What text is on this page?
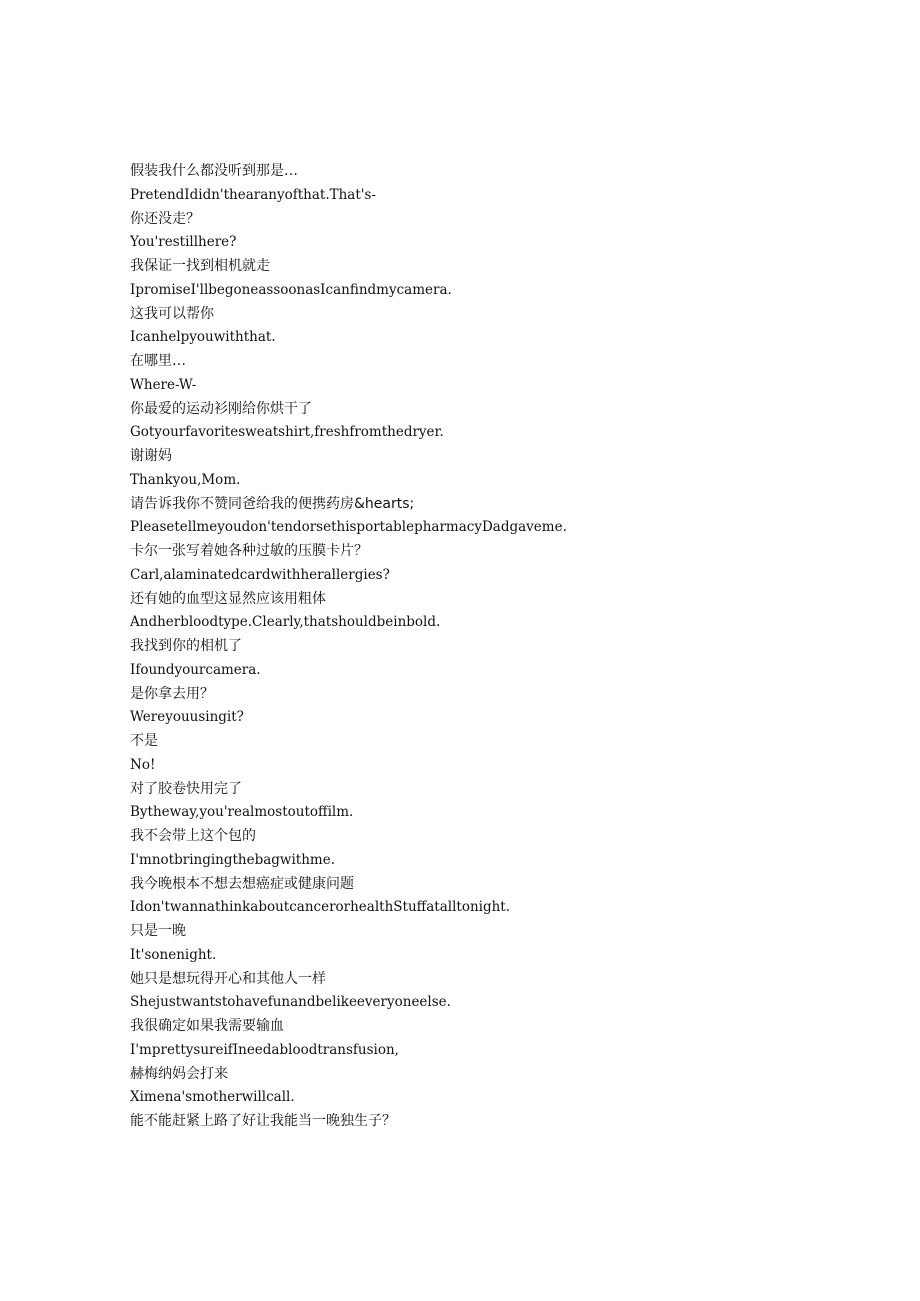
假装我什么都没听到那是…
PretendIdidn'thearanyofthat.That's-
你还没走？
You'restillhere?
我保证一找到相机就走
IpromiseI'llbegoneassoonasIcanfindmycamera.
这我可以帮你
Icanhelpyouwiththat.
在哪里…
Where-W-
你最爱的运动衫刚给你烘干了
Gotyourfavoritesweatshirt,freshfromthedryer.
谢谢妈
Thankyou,Mom.
请告诉我你不赞同爸给我的便携药房&hearts;
Pleasetellmeyoudon'tendorsethisportablepharmacyDadgaveme.
卡尔一张写着她各种过敏的压膜卡片？
Carl,alaminatedcardwithherallergies?
还有她的血型这显然应该用粗体
Andherbloodtype.Clearly,thatshouldbeinbold.
我找到你的相机了
Ifoundyourcamera.
是你拿去用？
Wereyouusingit?
不是
No!
对了胶卷快用完了
Bytheway,you'realmostoutoffilm.
我不会带上这个包的
I'mnotbringingthebagwithme.
我今晚根本不想去想癌症或健康问题
Idon'twannathinkaboutcancerorhealthStuffatalltonight.
只是一晚
It'sonenight.
她只是想玩得开心和其他人一样
Shejustwantstohavefunandbelikeeveryoneelse.
我很确定如果我需要输血
I'mprettysureifIneedabloodtransfusion,
赫梅纳妈会打来
Ximena'smotherwillcall.
能不能赶紧上路了好让我能当一晚独生子？
